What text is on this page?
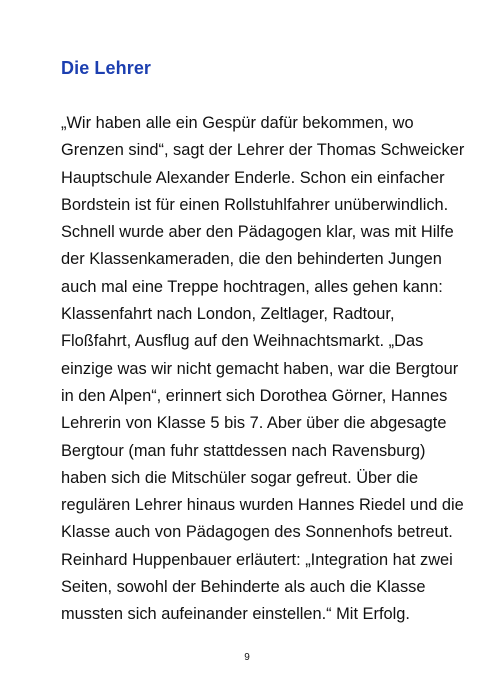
Die Lehrer
„Wir haben alle ein Gespür dafür bekommen, wo
Grenzen sind“, sagt der Lehrer der Thomas Schweicker
Hauptschule Alexander Enderle. Schon ein einfacher
Bordstein ist für einen Rollstuhlfahrer unüberwindlich.
Schnell wurde aber den Pädagogen klar, was mit Hilfe
der Klassenkameraden, die den behinderten Jungen
auch mal eine Treppe hochtragen, alles gehen kann:
Klassenfahrt nach London, Zeltlager, Radtour,
Floßfahrt, Ausflug auf den Weihnachtsmarkt. „Das
einzige was wir nicht gemacht haben, war die Bergtour
in den Alpen“, erinnert sich Dorothea Görner, Hannes
Lehrerin von Klasse 5 bis 7. Aber über die abgesagte
Bergtour (man fuhr stattdessen nach Ravensburg)
haben sich die Mitschüler sogar gefreut. Über die
regulären Lehrer hinaus wurden Hannes Riedel und die
Klasse auch von Pädagogen des Sonnenhofs betreut.
Reinhard Huppenbauer erläutert: „Integration hat zwei
Seiten, sowohl der Behinderte als auch die Klasse
mussten sich aufeinander einstellen.“ Mit Erfolg.
9
